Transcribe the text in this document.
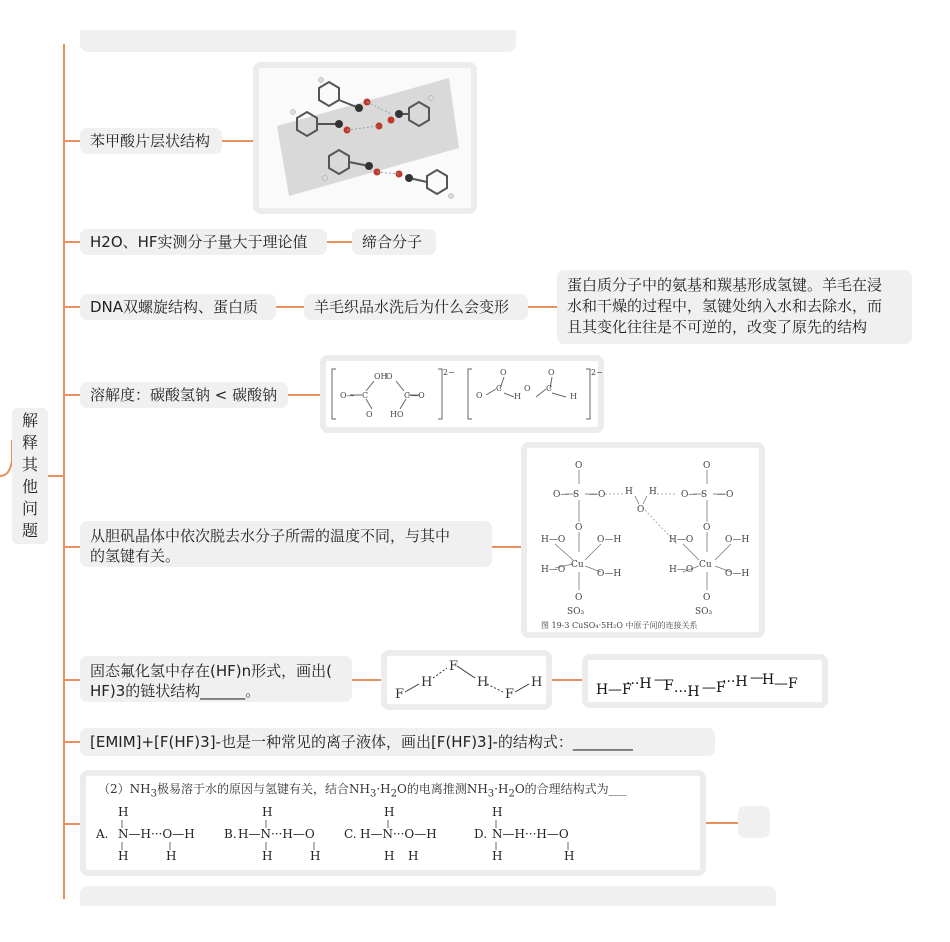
解
释
其
他
问
题
苯甲酸片层状结构
H2O、HF实测分子量大于理论值	缔合分子
DNA双螺旋结构、蛋白质	羊毛织品水洗后为什么会变形
蛋白质分子中的氨基和羰基形成氢键。羊毛在浸
水和干燥的过程中，氢键处纳入水和去除水，而
且其变化往往是不可逆的，改变了原先的结构
溶解度：碳酸氢钠 < 碳酸钠	O— C
OH
O
O
C—O
HO
2−	2−
O
C
O
H
O C
O
H
从胆矾晶体中依次脱去水分子所需的温度不同，与其中
的氢键有关。
O
O— S —O
O
Cu
H—O
H—O
O—H
O—H
O
SO₃
H H
O
O
O— S —O
O
Cu
H—O
H—O
O—H
O—H
O
SO₃
图 19-3 CuSO₄·5H₂O 中原子间的连接关系
固态氟化氢中存在(HF)n形式，画出(
HF)3的链状结构______。	F
H
F
H
F
H	H —F
···H —
F ···H —F
···H —
H —F
[EMIM]+[F(HF)3]-也是一种常见的离子液体，画出[F(HF)3]-的结构式：________
$(2)NH_3$极易溶于水的原因与氢键有关，结合$NH_3\cdot H_2O$的电离推测$NH_3\cdot H_2O$的合理结构式为___
A.
H
N—H···O—H
H	H
B.
H
H—N···H—O
H	H
C.
H
H—N···O—H
H H
D.
H
N—H···H—O
H	H
